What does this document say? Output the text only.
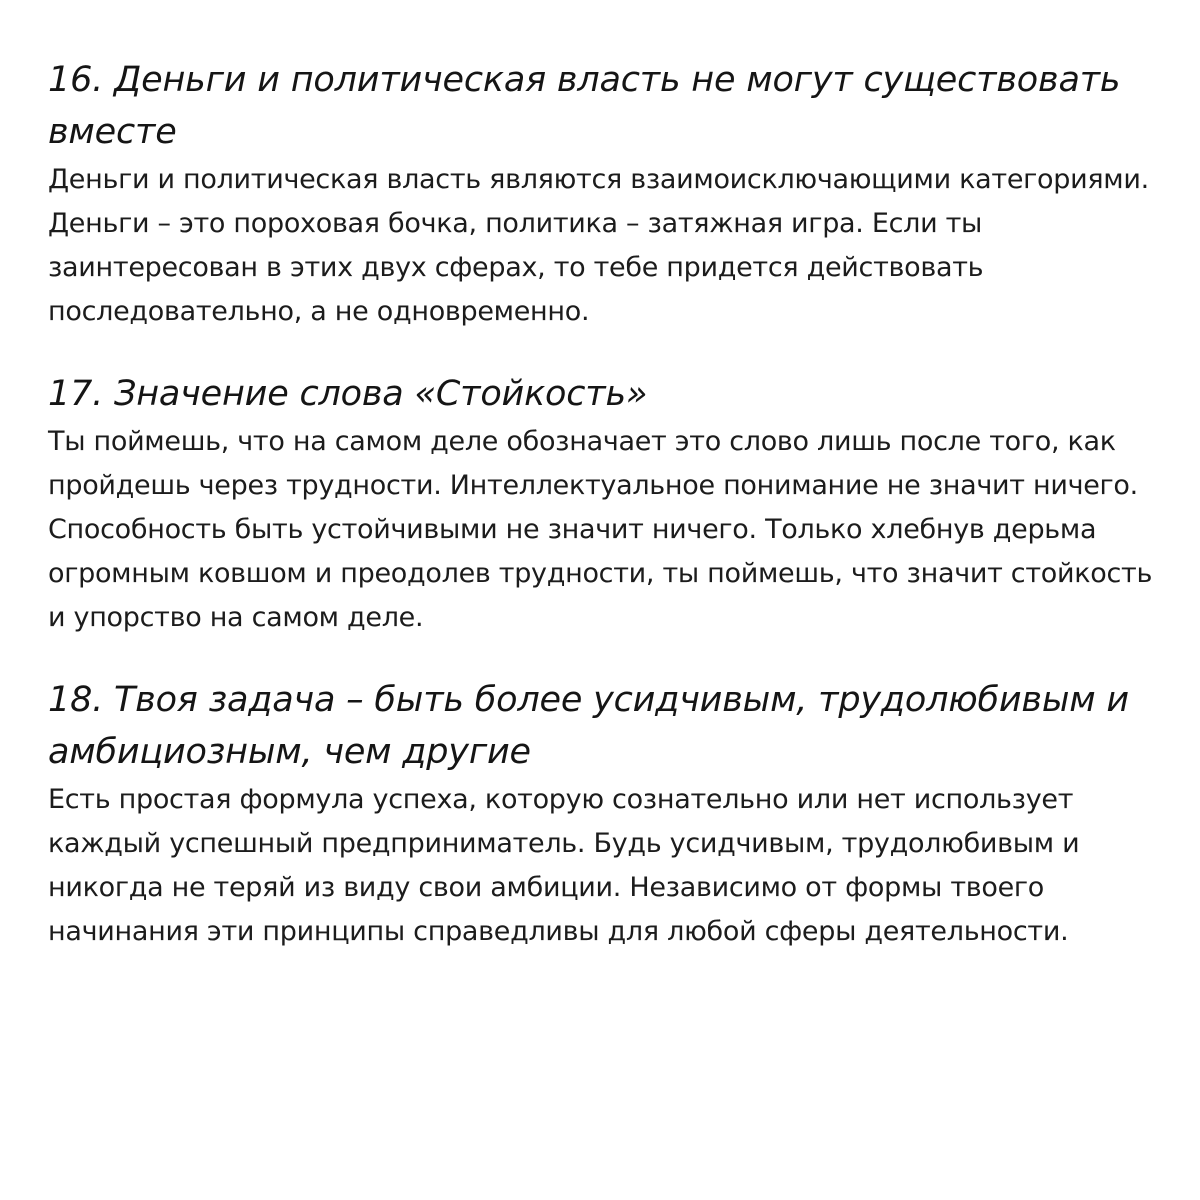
16. Деньги и политическая власть не могут существовать вместе

Деньги и политическая власть являются взаимоисключающими категориями. Деньги – это пороховая бочка, политика – затяжная игра. Если ты заинтересован в этих двух сферах, то тебе придется действовать последовательно, а не одновременно.

17. Значение слова «Стойкость»

Ты поймешь, что на самом деле обозначает это слово лишь после того, как пройдешь через трудности. Интеллектуальное понимание не значит ничего. Способность быть устойчивыми не значит ничего. Только хлебнув дерьма огромным ковшом и преодолев трудности, ты поймешь, что значит стойкость и упорство на самом деле.

18. Твоя задача – быть более усидчивым, трудолюбивым и амбициозным, чем другие

Есть простая формула успеха, которую сознательно или нет использует каждый успешный предприниматель. Будь усидчивым, трудолюбивым и никогда не теряй из виду свои амбиции. Независимо от формы твоего начинания эти принципы справедливы для любой сферы деятельности.
